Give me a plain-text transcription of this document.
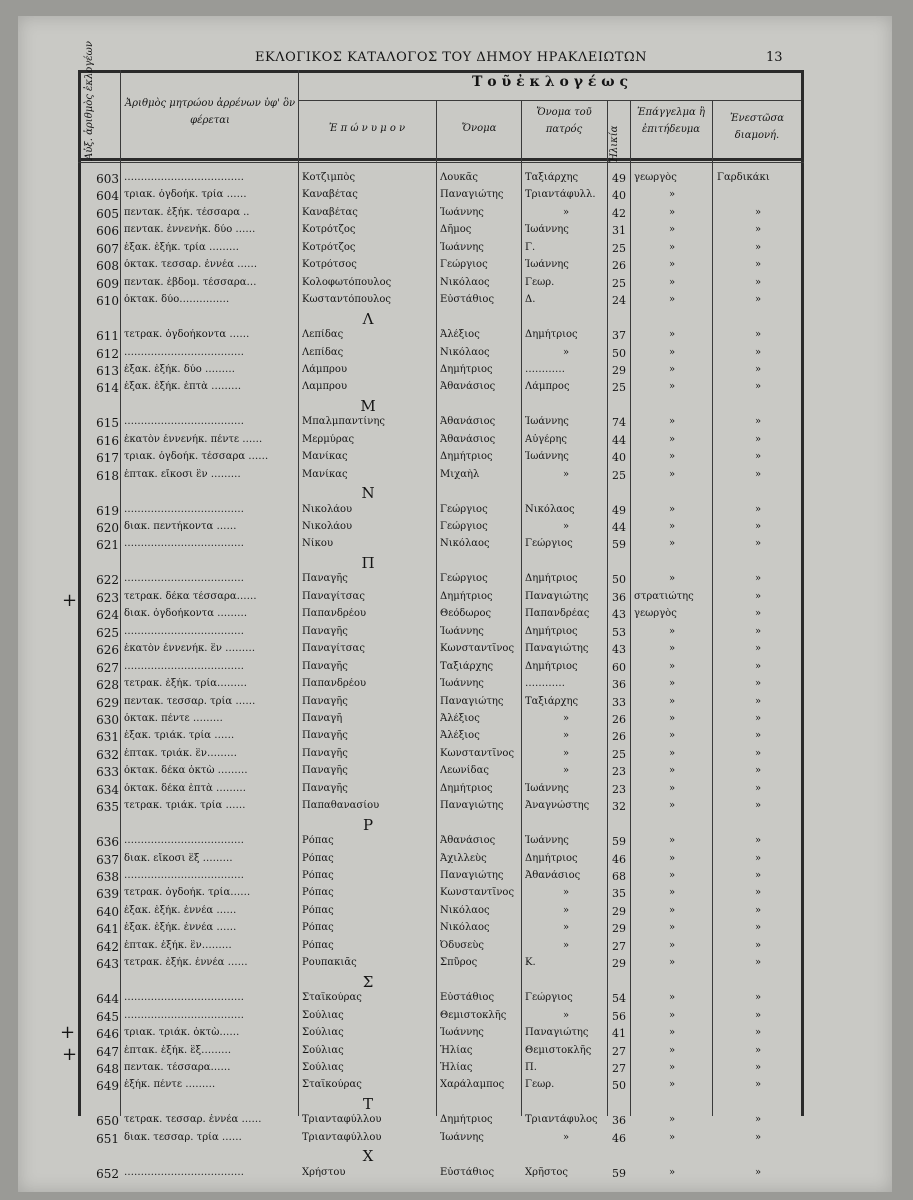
ΕΚΛΟΓΙΚΟΣ ΚΑΤΑΛΟΓΟΣ ΤΟΥ ΔΗΜΟΥ ΗΡΑΚΛΕΙΩΤΩΝ	13
Αὐξ. ἀριθμὸς ἐκλογέων	Ἀριθμὸς μητρώου ἀρρένων ὑφ' ὃν φέρεται
Τ ο ῦ ἐ κ λ ο γ έ ω ς
Ἐ π ώ ν υ μ ο ν	Ὄνομα
Ὄνομα τοῦ πατρός	Ἡλικία
Ἐπάγγελμα ἢ ἐπιτήδευμα
Ἐνεστῶσα διαμονή.
603 ………………………………	Κοτζιμπὸς	Λουκᾶς	Ταξιάρχης	49 γεωργὸς	Γαρδικάκι
604 τριακ. ὀγδοήκ. τρία ……	Καναβέτας	Παναγιώτης	Τριαντάφυλλ.	40	»
605 πεντακ. ἑξήκ. τέσσαρα ..	Καναβέτας	Ἰωάννης	»	42	»	»
606 πεντακ. ἐννενήκ. δύο ……	Κοτρότζος	Δῆμος	Ἰωάννης	31	»	»
607 ἑξακ. ἑξήκ. τρία ………	Κοτρότζος	Ἰωάννης	Γ.	25	»	»
608 ὀκτακ. τεσσαρ. ἐννέα ……	Κοτρότσος	Γεώργιος	Ἰωάννης	26	»	»
609 πεντακ. ἑβδομ. τέσσαρα…	Κολοφωτόπουλος	Νικόλαος	Γεωρ.	25	»	»
610 ὀκτακ. δύο……………	Κωσταντόπουλος	Εὐστάθιος	Δ.	24	»	»
Λ
611 τετρακ. ὀγδοήκοντα ……	Λεπίδας	Ἀλέξιος	Δημήτριος	37	»	»
612 ………………………………	Λεπίδας	Νικόλαος	»	50	»	»
613 ἑξακ. ἑξήκ. δύο ………	Λάμπρου	Δημήτριος	…………	29	»	»
614 ἑξακ. ἑξήκ. ἑπτὰ ………	Λαμπρου	Ἀθανάσιος	Λάμπρος	25	»	»
Μ
615 ………………………………	Μπαλμπαντίνης	Ἀθανάσιος	Ἰωάννης	74	»	»
616 ἑκατὸν ἐννενήκ. πέντε ……	Μερμύρας	Ἀθανάσιος	Αὐγέρης	44	»	»
617 τριακ. ὀγδοήκ. τέσσαρα ……	Μανίκας	Δημήτριος	Ἰωάννης	40	»	»
618 ἑπτακ. εἴκοσι ἓν ………	Μανίκας	Μιχαὴλ	»	25	»	»
Ν
619 ………………………………	Νικολάου	Γεώργιος	Νικόλαος	49	»	»
620 διακ. πεντήκοντα ……	Νικολάου	Γεώργιος	»	44	»	»
621 ………………………………	Νίκου	Νικόλαος	Γεώργιος	59	»	»
Π
622 ………………………………	Παναγῆς	Γεώργιος	Δημήτριος	50	»	»
623 τετρακ. δέκα τέσσαρα……	Παναγίτσας	Δημήτριος	Παναγιώτης	36 στρατιώτης	»
624 διακ. ὀγδοήκοντα ………	Παπανδρέου	Θεόδωρος	Παπανδρέας	43 γεωργὸς	»
625 ………………………………	Παναγῆς	Ἰωάννης	Δημήτριος	53	»	»
626 ἑκατὸν ἐννενήκ. ἓν ………	Παναγίτσας	Κωνσταντῖνος	Παναγιώτης	43	»	»
627 ………………………………	Παναγῆς	Ταξιάρχης	Δημήτριος	60	»	»
628 τετρακ. ἑξήκ. τρία………	Παπανδρέου	Ἰωάννης	…………	36	»	»
629 πεντακ. τεσσαρ. τρία ……	Παναγῆς	Παναγιώτης	Ταξιάρχης	33	»	»
630 ὀκτακ. πέντε ………	Παναγῆ	Ἀλέξιος	»	26	»	»
631 ἑξακ. τριάκ. τρία ……	Παναγῆς	Ἀλέξιος	»	26	»	»
632 ἑπτακ. τριάκ. ἓν………	Παναγῆς	Κωνσταντῖνος	»	25	»	»
633 ὀκτακ. δέκα ὀκτὼ ………	Παναγῆς	Λεωνίδας	»	23	»	»
634 ὀκτακ. δέκα ἑπτὰ ………	Παναγῆς	Δημήτριος	Ἰωάννης	23	»	»
635 τετρακ. τριάκ. τρία ……	Παπαθανασίου	Παναγιώτης	Ἀναγνώστης	32	»	»
Ρ
636 ………………………………	Ρόπας	Ἀθανάσιος	Ἰωάννης	59	»	»
637 διακ. εἴκοσι ἓξ ………	Ρόπας	Ἀχιλλεὺς	Δημήτριος	46	»	»
638 ………………………………	Ρόπας	Παναγιώτης	Ἀθανάσιος	68	»	»
639 τετρακ. ὀγδοήκ. τρία……	Ρόπας	Κωνσταντῖνος	»	35	»	»
640 ἑξακ. ἑξήκ. ἐννέα ……	Ρόπας	Νικόλαος	»	29	»	»
641 ἑξακ. ἑξήκ. ἐννέα ……	Ρόπας	Νικόλαος	»	29	»	»
642 ἑπτακ. ἑξήκ. ἓν………	Ρόπας	Ὀδυσεὺς	»	27	»	»
643 τετρακ. ἑξήκ. ἐννέα ……	Ρουπακιᾶς	Σπῦρος	Κ.	29	»	»
Σ
644 ………………………………	Σταϊκούρας	Εὐστάθιος	Γεώργιος	54	»	»
645 ………………………………	Σούλιας	Θεμιστοκλῆς	»	56	»	»
646 τριακ. τριάκ. ὀκτὼ……	Σούλιας	Ἰωάννης	Παναγιώτης	41	»	»
647 ἑπτακ. ἑξήκ. ἓξ………	Σούλιας	Ἡλίας	Θεμιστοκλῆς	27	»	»
648 πεντακ. τέσσαρα……	Σούλιας	Ἡλίας	Π.	27	»	»
649 ἑξήκ. πέντε ………	Σταϊκούρας	Χαράλαμπος	Γεωρ.	50	»	»
Τ
650 τετρακ. τεσσαρ. ἐννέα ……	Τριανταφύλλου	Δημήτριος	Τριαντάφυλος	36	»	»
651 διακ. τεσσαρ. τρία ……	Τριανταφύλλου	Ἰωάννης	»	46	»	»
Χ
652 ………………………………	Χρήστου	Εὐστάθιος	Χρῆστος	59	»	»
+
+
+
